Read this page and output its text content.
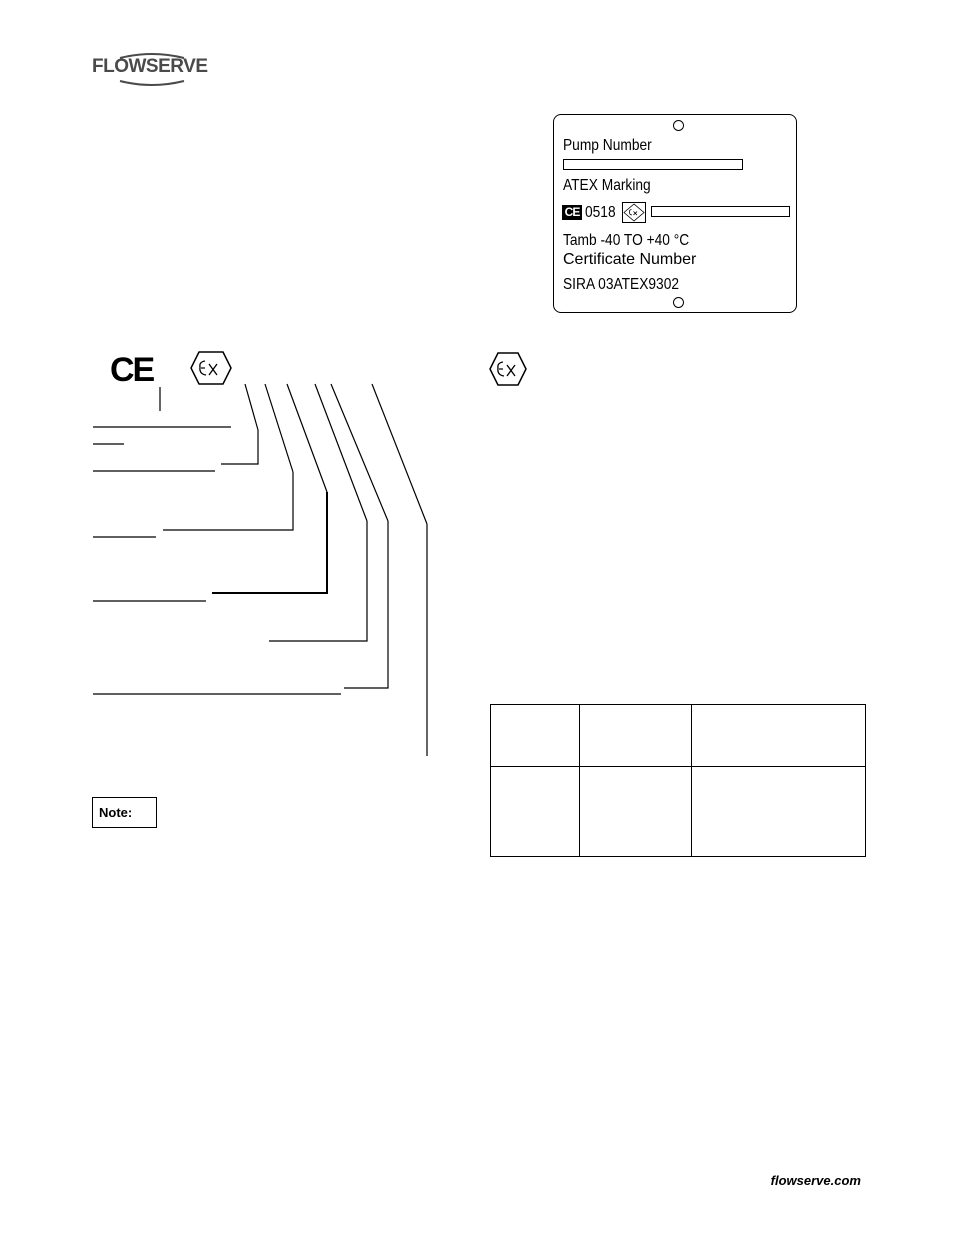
FLOWSERVE
Pump Number
ATEX Marking
CE 0518
Tamb -40 TO +40 °C
Certificate Number
SIRA 03ATEX9302
CE
Note:

flowserve.com
